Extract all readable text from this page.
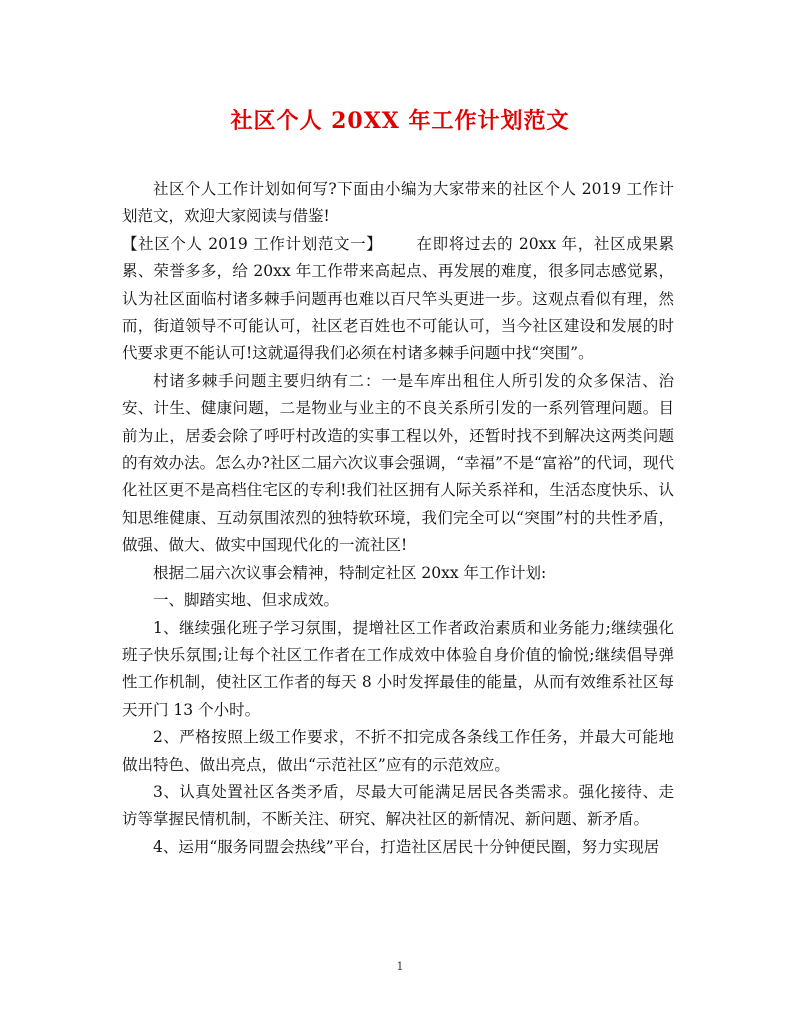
社区个人 20XX 年工作计划范文

社区个人工作计划如何写?下面由小编为大家带来的社区个人 2019 工作计划范文，欢迎大家阅读与借鉴!

【社区个人 2019 工作计划范文一】 在即将过去的 20xx 年，社区成果累累、荣誉多多，给 20xx 年工作带来高起点、再发展的难度，很多同志感觉累，认为社区面临村诸多棘手问题再也难以百尺竿头更进一步。这观点看似有理，然而，街道领导不可能认可，社区老百姓也不可能认可，当今社区建设和发展的时代要求更不能认可!这就逼得我们必须在村诸多棘手问题中找“突围”。

村诸多棘手问题主要归纳有二：一是车库出租住人所引发的众多保洁、治安、计生、健康问题，二是物业与业主的不良关系所引发的一系列管理问题。目前为止，居委会除了呼吁村改造的实事工程以外，还暂时找不到解决这两类问题的有效办法。怎么办?社区二届六次议事会强调，“幸福”不是“富裕”的代词，现代化社区更不是高档住宅区的专利!我们社区拥有人际关系祥和，生活态度快乐、认知思维健康、互动氛围浓烈的独特软环境，我们完全可以“突围”村的共性矛盾，做强、做大、做实中国现代化的一流社区!

根据二届六次议事会精神，特制定社区 20xx 年工作计划:

一、脚踏实地、但求成效。

1、继续强化班子学习氛围，提增社区工作者政治素质和业务能力;继续强化班子快乐氛围;让每个社区工作者在工作成效中体验自身价值的愉悦;继续倡导弹性工作机制，使社区工作者的每天 8 小时发挥最佳的能量，从而有效维系社区每天开门 13 个小时。

2、严格按照上级工作要求，不折不扣完成各条线工作任务，并最大可能地做出特色、做出亮点，做出“示范社区”应有的示范效应。

3、认真处置社区各类矛盾，尽最大可能满足居民各类需求。强化接待、走访等掌握民情机制，不断关注、研究、解决社区的新情况、新问题、新矛盾。

4、运用“服务同盟会热线”平台，打造社区居民十分钟便民圈，努力实现居

1
